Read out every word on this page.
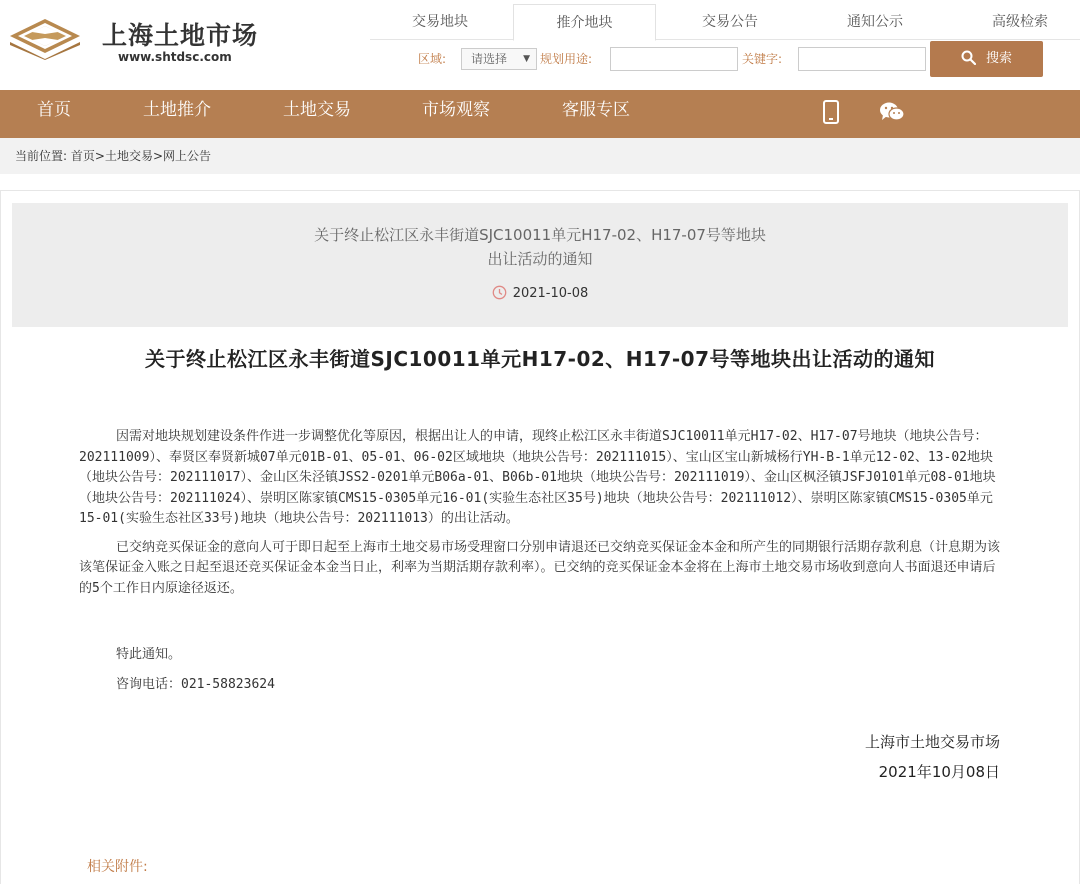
上海土地市场
www.shtdsc.com
交易地块	推介地块	交易公告	通知公示	高级检索
区域:	请选择 ▼ 规划用途:	关键字:	搜索
首页	土地推介	土地交易	市场观察	客服专区
当前位置: 首页>土地交易>网上公告
关于终止松江区永丰街道SJC10011单元H17-02、H17-07号等地块
出让活动的通知
2021-10-08
关于终止松江区永丰街道SJC10011单元H17-02、H17-07号等地块出让活动的通知

因需对地块规划建设条件作进一步调整优化等原因，根据出让人的申请，现终止松江区永丰街道SJC10011单元H17-02、H17-07号地块（地块公告号：202111009）、奉贤区奉贤新城07单元01B-01、05-01、06-02区域地块（地块公告号：202111015）、宝山区宝山新城杨行YH-B-1单元12-02、13-02地块（地块公告号：202111017）、金山区朱泾镇JSS2-0201单元B06a-01、B06b-01地块（地块公告号：202111019）、金山区枫泾镇JSFJ0101单元08-01地块（地块公告号：202111024）、崇明区陈家镇CMS15-0305单元16-01(实验生态社区35号)地块（地块公告号：202111012）、崇明区陈家镇CMS15-0305单元15-01(实验生态社区33号)地块（地块公告号：202111013）的出让活动。

已交纳竞买保证金的意向人可于即日起至上海市土地交易市场受理窗口分别申请退还已交纳竞买保证金本金和所产生的同期银行活期存款利息（计息期为该该笔保证金入账之日起至退还竞买保证金本金当日止，利率为当期活期存款利率）。已交纳的竞买保证金本金将在上海市土地交易市场收到意向人书面退还申请后的5个工作日内原途径返还。

特此通知。
咨询电话：021-58823624
上海市土地交易市场
2021年10月08日
相关附件:
